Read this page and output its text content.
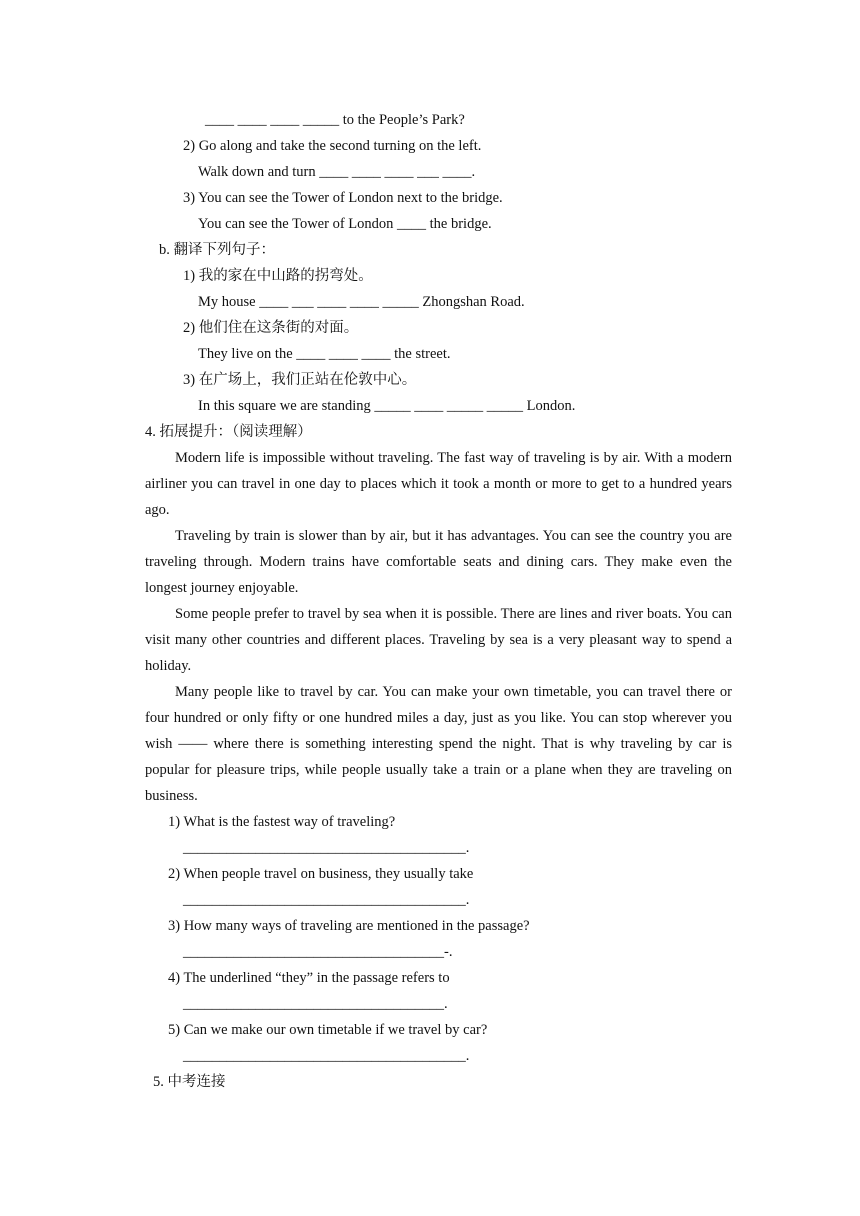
____ ____ ____ _____ to the People’s Park?
2) Go along and take the second turning on the left.
Walk down and turn ____ ____ ____ ___ ____.
3) You can see the Tower of London next to the bridge.
You can see the Tower of London ____ the bridge.
b. 翻译下列句子：
1) 我的家在中山路的拐弯处。
My house ____ ___ ____ ____ _____ Zhongshan Road.
2) 他们住在这条街的对面。
They live on the ____ ____ ____ the street.
3) 在广场上，我们正站在伦敦中心。
In this square we are standing _____ ____ _____ _____ London.
4. 拓展提升：（阅读理解）
Modern life is impossible without traveling. The fast way of traveling is by air. With a modern airliner you can travel in one day to places which it took a month or more to get to a hundred years ago.
Traveling by train is slower than by air, but it has advantages. You can see the country you are traveling through. Modern trains have comfortable seats and dining cars. They make even the longest journey enjoyable.
Some people prefer to travel by sea when it is possible. There are lines and river boats. You can visit many other countries and different places. Traveling by sea is a very pleasant way to spend a holiday.
Many people like to travel by car. You can make your own timetable, you can travel there or four hundred or only fifty or one hundred miles a day, just as you like. You can stop wherever you wish —— where there is something interesting spend the night. That is why traveling by car is popular for pleasure trips, while people usually take a train or a plane when they are traveling on business.
1) What is the fastest way of traveling?
_______________________________________.
2) When people travel on business, they usually take
_______________________________________.
3) How many ways of traveling are mentioned in the passage?
____________________________________-.
4) The underlined “they” in the passage refers to
____________________________________.
5) Can we make our own timetable if we travel by car?
_______________________________________.
5. 中考连接
